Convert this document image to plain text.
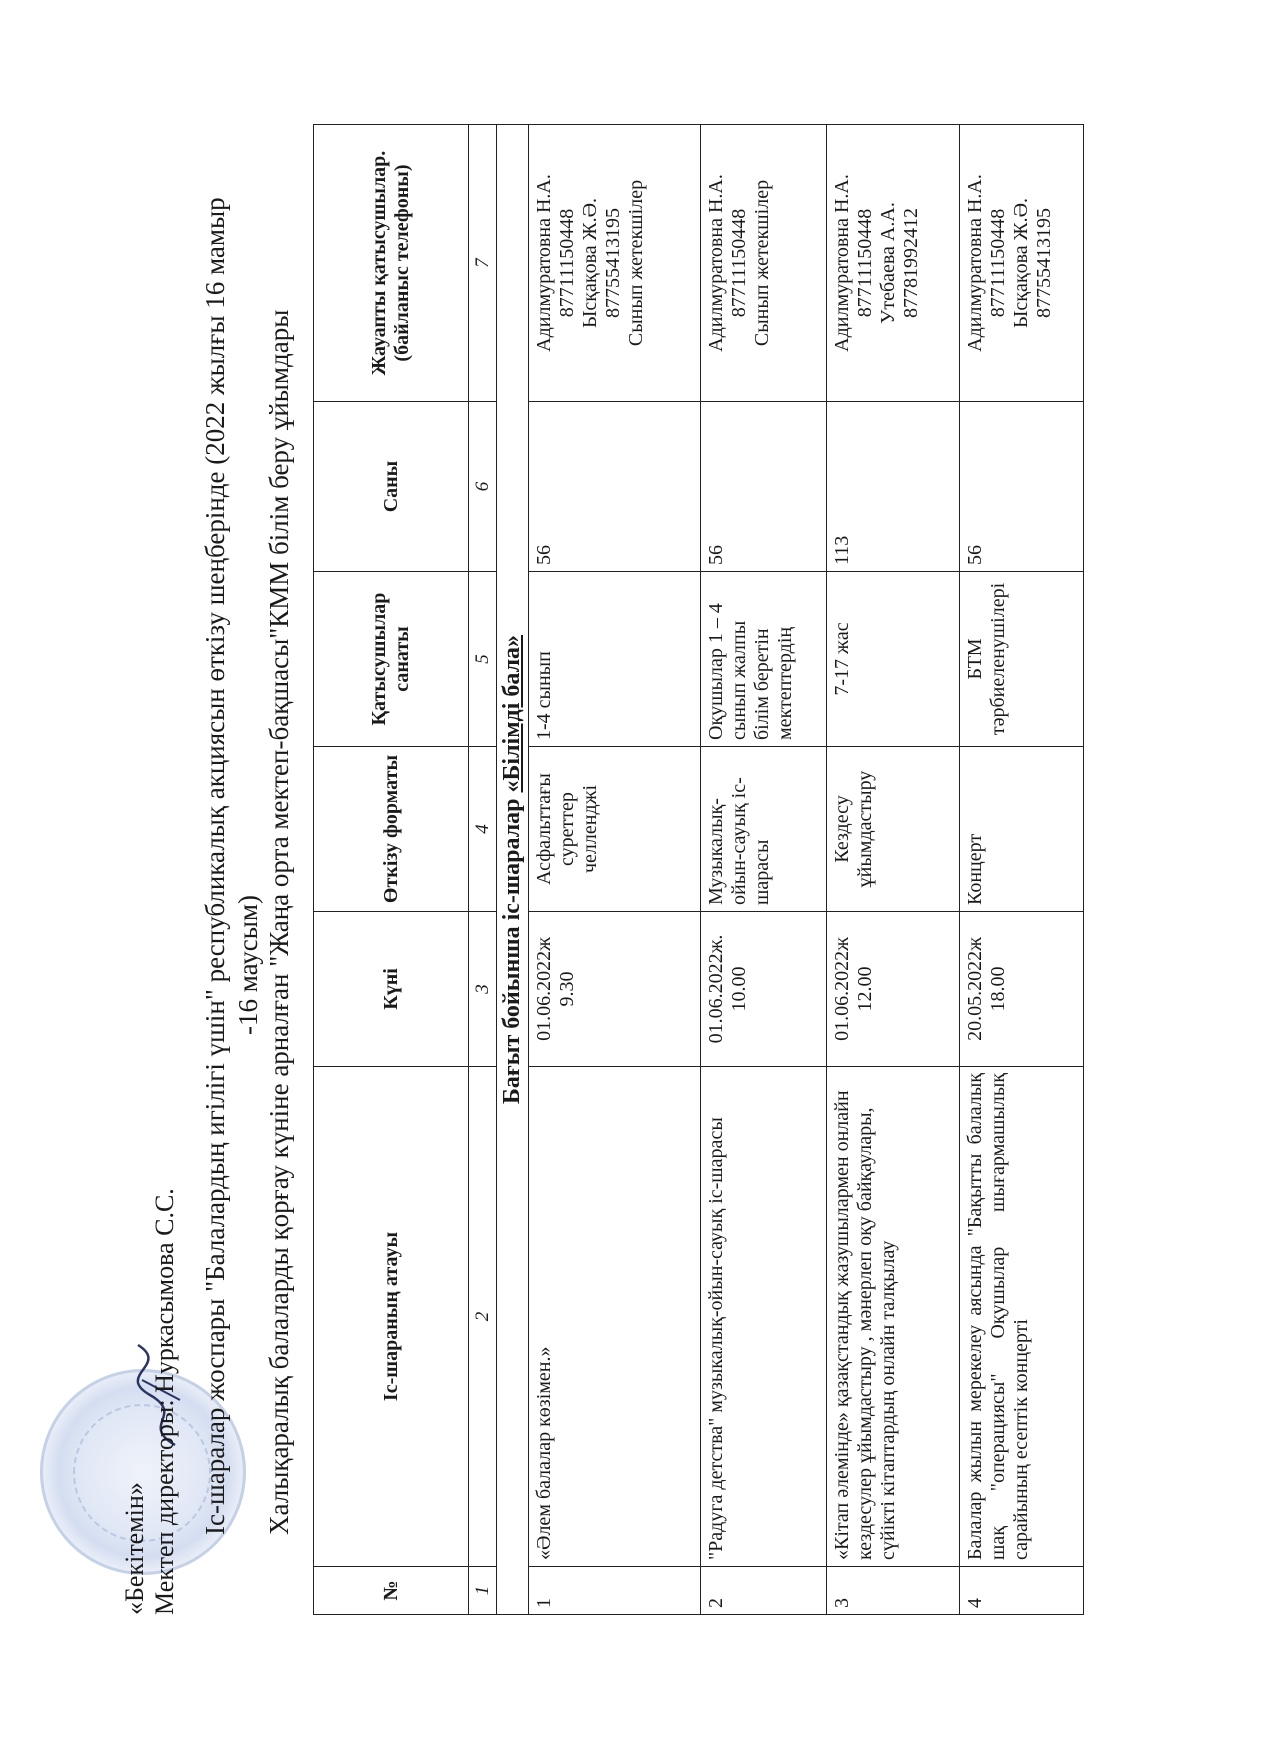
«Бекітемін» Мектеп директоры: Нуркасымова С.С. Іс-шаралар жоспары "Балалардың игілігі үшін" республикалық акциясын өткізу шеңберінде (2022 жылғы 16 мамыр -16 маусым) Халықаралық балаларды қорғау күніне арналған "Жаңа орта мектеп-бақшасы"КММ білім беру ұйымдары
№	Іс-шараның атауы	Күні	Өткізу форматы	Қатысушылар санаты	Саны	Жауапты қатысушылар. (байланыс телефоны)
1	2	3	4	5	6	7
Бағыт бойынша іс-шаралар «Білімді бала»						
1	«Әлем балалар көзімен.»	01.06.2022ж 9.30	Асфальттағы суреттер челленджі	1-4 сынып	56	Адилмуратовна Н.А. 87711150448 Ысқақова Ж.Ә. 87755413195 Сынып жетекшілер

2	"Радуга детства" музыкалық-ойын-сауық іс-шарасы	01.06.2022ж. 10.00	Музыкалық-ойын-сауық іс-шарасы	Оқушылар 1 – 4 сынып жалпы білім беретін мектептердің	56	Адилмуратовна Н.А. 87711150448 Сынып жетекшілер

3	«Кітап әлемінде» қазақстандық жазушылармен онлайн кездесулер ұйымдастыру , мәнерлеп оқу байқаулары, сүйікті кітаптардың онлайн талқылау	01.06.2022ж 12.00	Кездесу ұйымдастыру	7-17 жас	113	Адилмуратовна Н.А. 87711150448 Утебаева А.А. 87781992412

4	Балалар жылын мерекелеу аясында "Бақытты балалық шақ "операциясы" Оқушылар шығармашылық сарайының есептік концерті	20.05.2022ж 18.00	Концерт	БТМ тәрбиеленушілері	56	Адилмуратовна Н.А. 87711150448 Ысқақова Ж.Ә. 87755413195
